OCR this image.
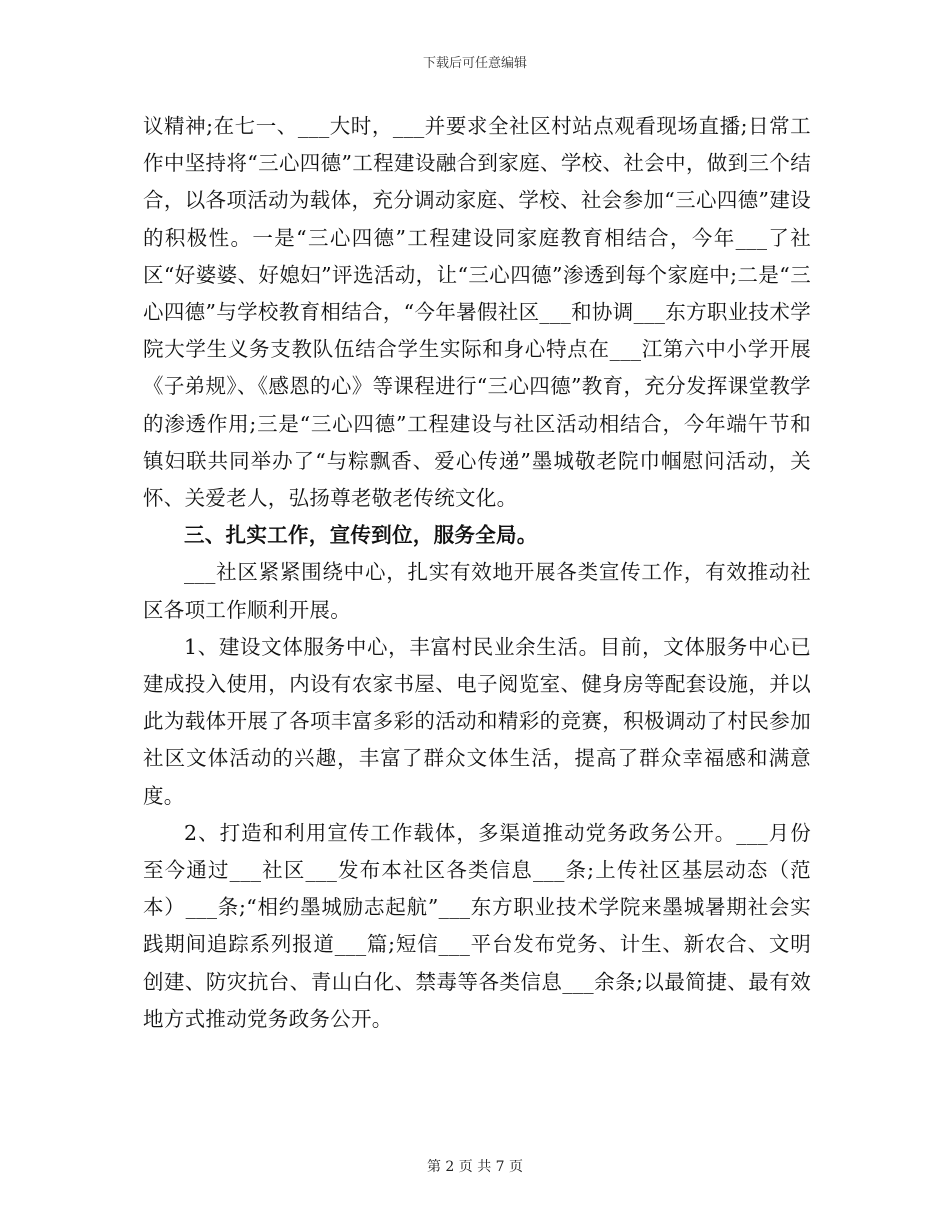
下载后可任意编辑

议精神;在七一、___大时，___并要求全社区村站点观看现场直播;日常工作中坚持将“三心四德”工程建设融合到家庭、学校、社会中，做到三个结合，以各项活动为载体，充分调动家庭、学校、社会参加“三心四德”建设的积极性。一是“三心四德”工程建设同家庭教育相结合，今年___了社区“好婆婆、好媳妇”评选活动，让“三心四德”渗透到每个家庭中;二是“三心四德”与学校教育相结合，“今年暑假社区___和协调___东方职业技术学院大学生义务支教队伍结合学生实际和身心特点在___江第六中小学开展《子弟规》、《感恩的心》等课程进行“三心四德”教育，充分发挥课堂教学的渗透作用;三是“三心四德”工程建设与社区活动相结合，今年端午节和镇妇联共同举办了“与粽飘香、爱心传递”墨城敬老院巾帼慰问活动，关怀、关爱老人，弘扬尊老敬老传统文化。

三、扎实工作，宣传到位，服务全局。

___社区紧紧围绕中心，扎实有效地开展各类宣传工作，有效推动社区各项工作顺利开展。

1、建设文体服务中心，丰富村民业余生活。目前，文体服务中心已建成投入使用，内设有农家书屋、电子阅览室、健身房等配套设施，并以此为载体开展了各项丰富多彩的活动和精彩的竞赛，积极调动了村民参加社区文体活动的兴趣，丰富了群众文体生活，提高了群众幸福感和满意度。

2、打造和利用宣传工作载体，多渠道推动党务政务公开。___月份至今通过___社区___发布本社区各类信息___条;上传社区基层动态（范本）___条;“相约墨城励志起航”___东方职业技术学院来墨城暑期社会实践期间追踪系列报道___篇;短信___平台发布党务、计生、新农合、文明创建、防灾抗台、青山白化、禁毒等各类信息___余条;以最简捷、最有效地方式推动党务政务公开。

第 2 页 共 7 页
